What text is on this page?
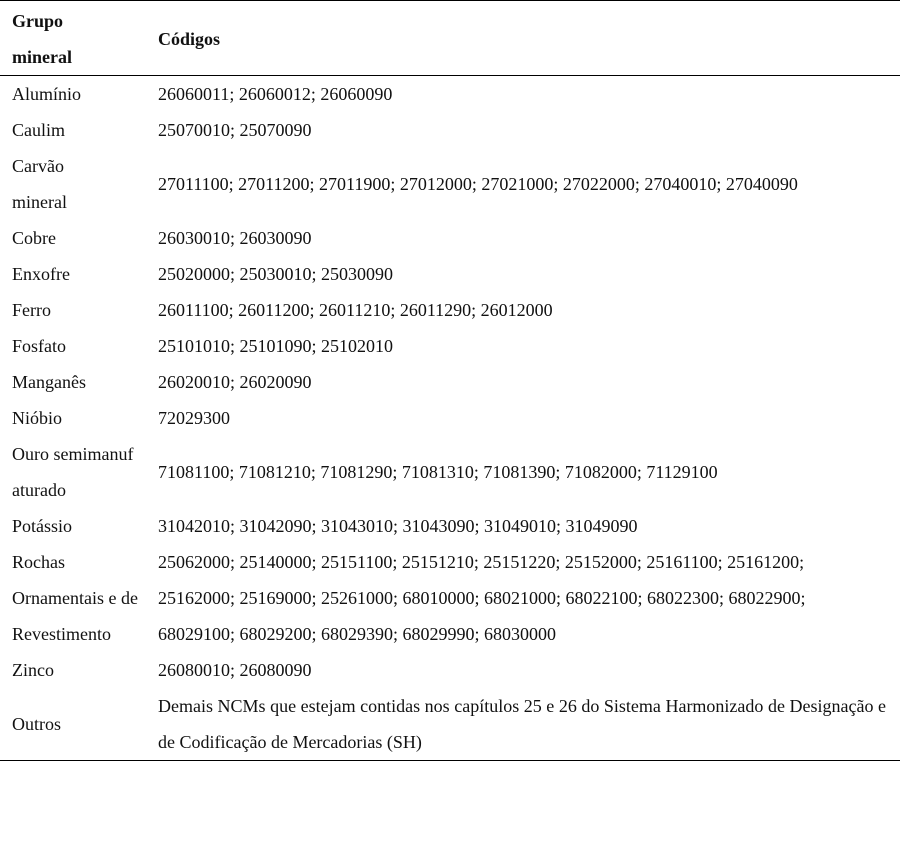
Grupo mineral	Códigos

Alumínio	26060011; 26060012; 26060090
Caulim	25070010; 25070090
Carvão mineral	27011100; 27011200; 27011900; 27012000; 27021000; 27022000; 27040010; 27040090
Cobre	26030010; 26030090
Enxofre	25020000; 25030010; 25030090
Ferro	26011100; 26011200; 26011210; 26011290; 26012000
Fosfato	25101010; 25101090; 25102010
Manganês	26020010; 26020090
Nióbio	72029300

Ouro semimanufaturado	71081100; 71081210; 71081290; 71081310; 71081390; 71082000; 71129100
Potássio	31042010; 31042090; 31043010; 31043090; 31049010; 31049090

Rochas Ornamentais e de Revestimento	25062000; 25140000; 25151100; 25151210; 25151220; 25152000; 25161100; 25161200; 25162000; 25169000; 25261000; 68010000; 68021000; 68022100; 68022300; 68022900; 68029100; 68029200; 68029390; 68029990; 68030000
Zinco	26080010; 26080090
Outros	Demais NCMs que estejam contidas nos capítulos 25 e 26 do Sistema Harmonizado de Designação e de Codificação de Mercadorias (SH)
